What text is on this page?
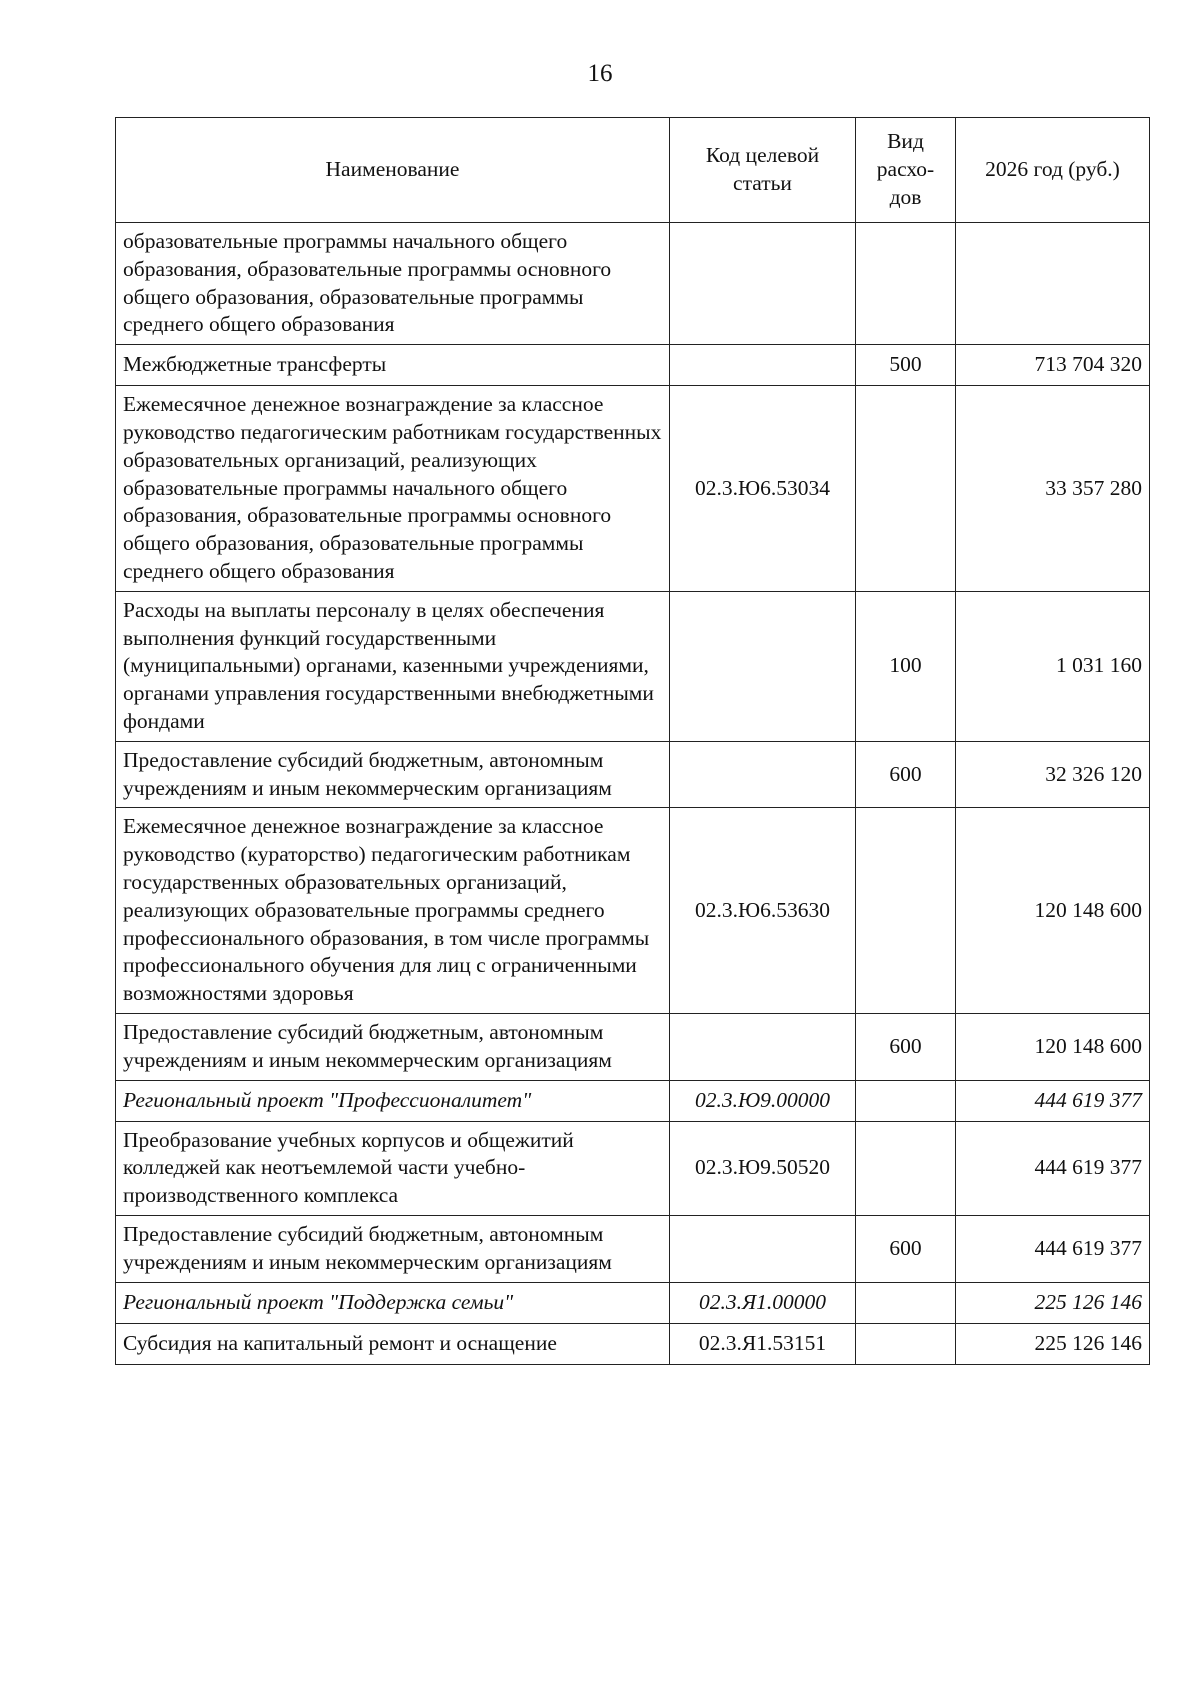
16
Наименование	Код целевой статьи	Вид расхо-дов	2026 год (руб.)
образовательные программы начального общего образования, образовательные программы основного общего образования, образовательные программы среднего общего образования			
Межбюджетные трансферты		500	713 704 320
Ежемесячное денежное вознаграждение за классное руководство педагогическим работникам государственных образовательных организаций, реализующих образовательные программы начального общего образования, образовательные программы основного общего образования, образовательные программы среднего общего образования	02.3.Ю6.53034		33 357 280
Расходы на выплаты персоналу в целях обеспечения выполнения функций государственными (муниципальными) органами, казенными учреждениями, органами управления государственными внебюджетными фондами		100	1 031 160
Предоставление субсидий бюджетным, автономным учреждениям и иным некоммерческим организациям		600	32 326 120
Ежемесячное денежное вознаграждение за классное руководство (кураторство) педагогическим работникам государственных образовательных организаций, реализующих образовательные программы среднего профессионального образования, в том числе программы профессионального обучения для лиц с ограниченными возможностями здоровья	02.3.Ю6.53630		120 148 600
Предоставление субсидий бюджетным, автономным учреждениям и иным некоммерческим организациям		600	120 148 600
Региональный проект "Профессионалитет"	02.3.Ю9.00000		444 619 377
Преобразование учебных корпусов и общежитий колледжей как неотъемлемой части учебно-производственного комплекса	02.3.Ю9.50520		444 619 377
Предоставление субсидий бюджетным, автономным учреждениям и иным некоммерческим организациям		600	444 619 377
Региональный проект "Поддержка семьи"	02.3.Я1.00000		225 126 146
Субсидия на капитальный ремонт и оснащение	02.3.Я1.53151		225 126 146
